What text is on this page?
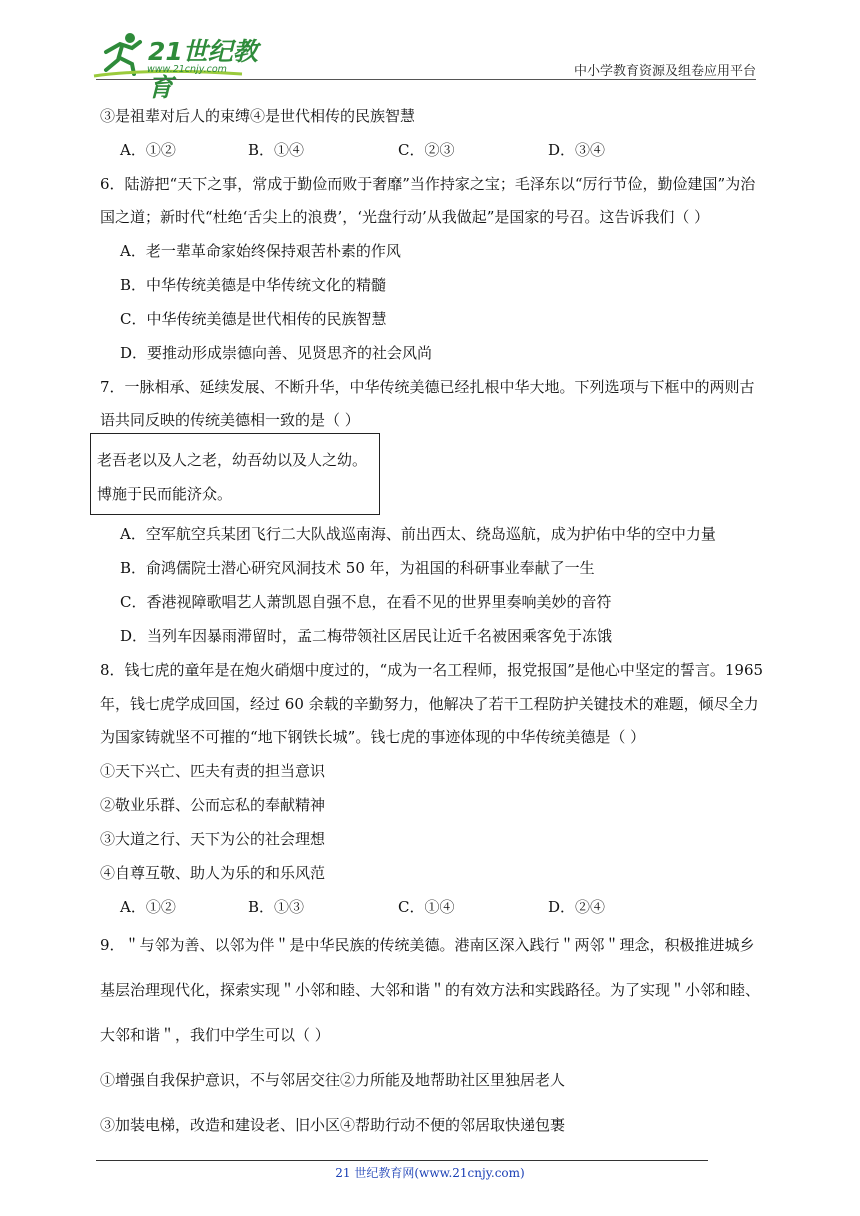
21世纪教育
www.21cnjy.com	中小学教育资源及组卷应用平台
③是祖辈对后人的束缚④是世代相传的民族智慧
A．①②	B．①④	C．②③	D．③④
6．陆游把“天下之事，常成于勤俭而败于奢靡”当作持家之宝；毛泽东以“厉行节俭，勤俭建国”为治
国之道；新时代“杜绝‘舌尖上的浪费’，‘光盘行动’从我做起”是国家的号召。这告诉我们（ ）
A．老一辈革命家始终保持艰苦朴素的作风
B．中华传统美德是中华传统文化的精髓
C．中华传统美德是世代相传的民族智慧
D．要推动形成崇德向善、见贤思齐的社会风尚
7．一脉相承、延续发展、不断升华，中华传统美德已经扎根中华大地。下列选项与下框中的两则古
语共同反映的传统美德相一致的是（ ）
老吾老以及人之老，幼吾幼以及人之幼。
博施于民而能济众。
A．空军航空兵某团飞行二大队战巡南海、前出西太、绕岛巡航，成为护佑中华的空中力量
B．俞鸿儒院士潜心研究风洞技术 50 年，为祖国的科研事业奉献了一生
C．香港视障歌唱艺人萧凯恩自强不息，在看不见的世界里奏响美妙的音符
D．当列车因暴雨滞留时，孟二梅带领社区居民让近千名被困乘客免于冻饿
8．钱七虎的童年是在炮火硝烟中度过的，“成为一名工程师，报党报国”是他心中坚定的誓言。1965
年，钱七虎学成回国，经过 60 余载的辛勤努力，他解决了若干工程防护关键技术的难题，倾尽全力
为国家铸就坚不可摧的“地下钢铁长城”。钱七虎的事迹体现的中华传统美德是（ ）
①天下兴亡、匹夫有责的担当意识
②敬业乐群、公而忘私的奉献精神
③大道之行、天下为公的社会理想
④自尊互敬、助人为乐的和乐风范
A．①②	B．①③	C．①④	D．②④
9．＂与邻为善、以邻为伴＂是中华民族的传统美德。港南区深入践行＂两邻＂理念，积极推进城乡
基层治理现代化，探索实现＂小邻和睦、大邻和谐＂的有效方法和实践路径。为了实现＂小邻和睦、
大邻和谐＂，我们中学生可以（ ）
①增强自我保护意识，不与邻居交往②力所能及地帮助社区里独居老人
③加装电梯，改造和建设老、旧小区④帮助行动不便的邻居取快递包裹
21 世纪教育网(www.21cnjy.com)
